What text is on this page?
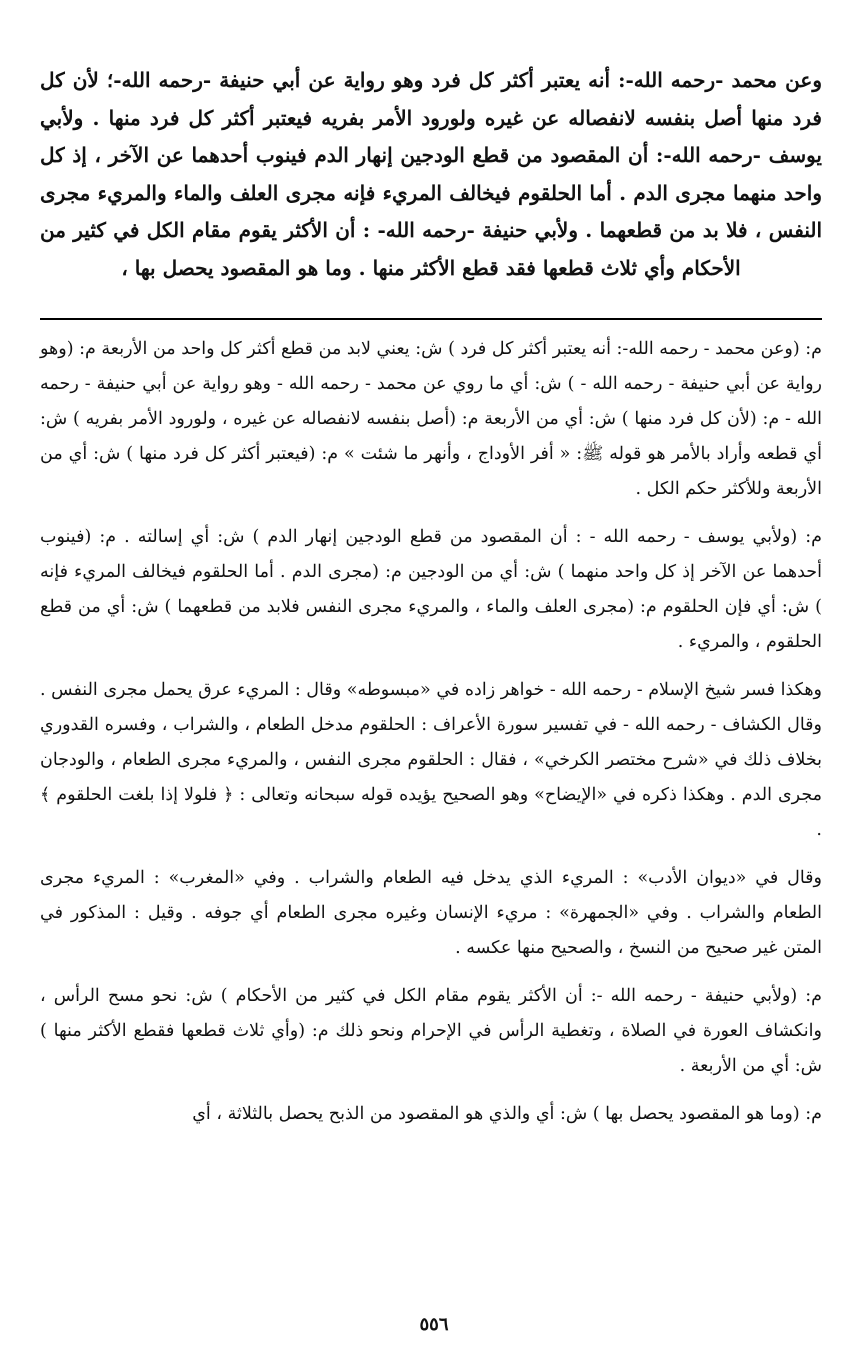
وعن محمد -رحمه الله-: أنه يعتبر أكثر كل فرد وهو رواية عن أبي حنيفة -رحمه الله-؛ لأن كل فرد منها أصل بنفسه لانفصاله عن غيره ولورود الأمر بفريه فيعتبر أكثر كل فرد منها . ولأبي يوسف -رحمه الله-: أن المقصود من قطع الودجين إنهار الدم فينوب أحدهما عن الآخر ، إذ كل واحد منهما مجرى الدم . أما الحلقوم فيخالف المريء فإنه مجرى العلف والماء والمريء مجرى النفس ، فلا بد من قطعهما . ولأبي حنيفة -رحمه الله- : أن الأكثر يقوم مقام الكل في كثير من الأحكام وأي ثلاث قطعها فقد قطع الأكثر منها . وما هو المقصود يحصل بها ،

م: (وعن محمد - رحمه الله-: أنه يعتبر أكثر كل فرد ) ش: يعني لابد من قطع أكثر كل واحد من الأربعة م: (وهو رواية عن أبي حنيفة - رحمه الله - ) ش: أي ما روي عن محمد - رحمه الله - وهو رواية عن أبي حنيفة - رحمه الله - م: (لأن كل فرد منها ) ش: أي من الأربعة م: (أصل بنفسه لانفصاله عن غيره ، ولورود الأمر بفريه ) ش: أي قطعه وأراد بالأمر هو قوله ﷺ: « أفر الأوداج ، وأنهر ما شئت » م: (فيعتبر أكثر كل فرد منها ) ش: أي من الأربعة وللأكثر حكم الكل .

م: (ولأبي يوسف - رحمه الله - : أن المقصود من قطع الودجين إنهار الدم ) ش: أي إسالته . م: (فينوب أحدهما عن الآخر إذ كل واحد منهما ) ش: أي من الودجين م: (مجرى الدم . أما الحلقوم فيخالف المريء فإنه ) ش: أي فإن الحلقوم م: (مجرى العلف والماء ، والمريء مجرى النفس فلابد من قطعهما ) ش: أي من قطع الحلقوم ، والمريء .

وهكذا فسر شيخ الإسلام - رحمه الله - خواهر زاده في «مبسوطه» وقال : المريء عرق يحمل مجرى النفس . وقال الكشاف - رحمه الله - في تفسير سورة الأعراف : الحلقوم مدخل الطعام ، والشراب ، وفسره القدوري بخلاف ذلك في «شرح مختصر الكرخي» ، فقال : الحلقوم مجرى النفس ، والمريء مجرى الطعام ، والودجان مجرى الدم . وهكذا ذكره في «الإيضاح» وهو الصحيح يؤيده قوله سبحانه وتعالى : ﴿ فلولا إذا بلغت الحلقوم ﴾ .

وقال في «ديوان الأدب» : المريء الذي يدخل فيه الطعام والشراب . وفي «المغرب» : المريء مجرى الطعام والشراب . وفي «الجمهرة» : مريء الإنسان وغيره مجرى الطعام أي جوفه . وقيل : المذكور في المتن غير صحيح من النسخ ، والصحيح منها عكسه .

م: (ولأبي حنيفة - رحمه الله -: أن الأكثر يقوم مقام الكل في كثير من الأحكام ) ش: نحو مسح الرأس ، وانكشاف العورة في الصلاة ، وتغطية الرأس في الإحرام ونحو ذلك م: (وأي ثلاث قطعها فقطع الأكثر منها ) ش: أي من الأربعة .

م: (وما هو المقصود يحصل بها ) ش: أي والذي هو المقصود من الذبح يحصل بالثلاثة ، أي

٥٥٦
